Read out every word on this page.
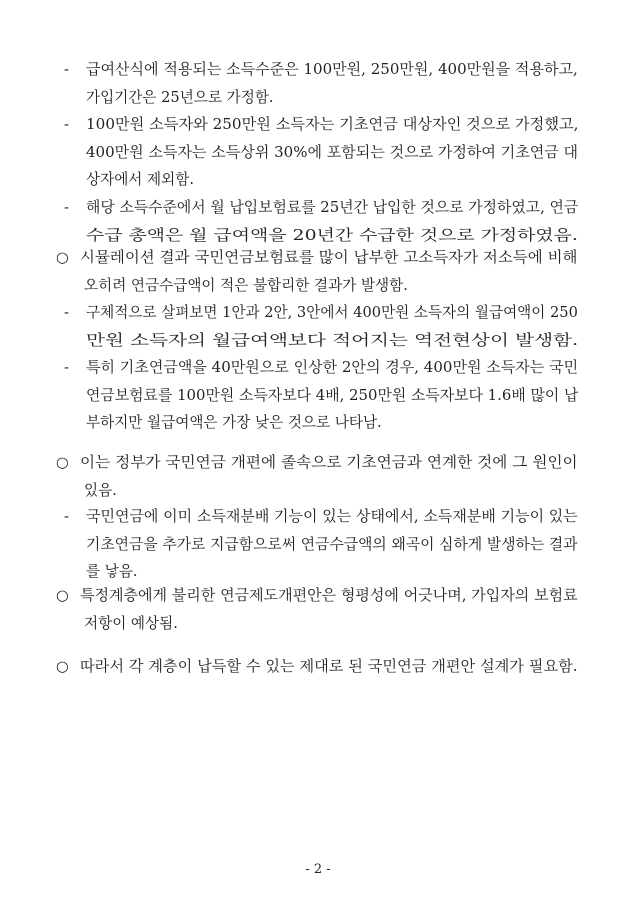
- 급여산식에 적용되는 소득수준은 100만원, 250만원, 400만원을 적용하고,
가입기간은 25년으로 가정함.
- 100만원 소득자와 250만원 소득자는 기초연금 대상자인 것으로 가정했고,
400만원 소득자는 소득상위 30%에 포함되는 것으로 가정하여 기초연금 대
상자에서 제외함.
- 해당 소득수준에서 월 납입보험료를 25년간 납입한 것으로 가정하였고, 연금
수급 총액은 월 급여액을 20년간 수급한 것으로 가정하였음.
○ 시뮬레이션 결과 국민연금보험료를 많이 납부한 고소득자가 저소득에 비해
오히려 연금수급액이 적은 불합리한 결과가 발생함.
- 구체적으로 살펴보면 1안과 2안, 3안에서 400만원 소득자의 월급여액이 250
만원 소득자의 월급여액보다 적어지는 역전현상이 발생함.
- 특히 기초연금액을 40만원으로 인상한 2안의 경우, 400만원 소득자는 국민
연금보험료를 100만원 소득자보다 4배, 250만원 소득자보다 1.6배 많이 납
부하지만 월급여액은 가장 낮은 것으로 나타남.
○ 이는 정부가 국민연금 개편에 졸속으로 기초연금과 연계한 것에 그 원인이
있음.
- 국민연금에 이미 소득재분배 기능이 있는 상태에서, 소득재분배 기능이 있는
기초연금을 추가로 지급함으로써 연금수급액의 왜곡이 심하게 발생하는 결과
를 낳음.
○ 특정계층에게 불리한 연금제도개편안은 형평성에 어긋나며, 가입자의 보험료
저항이 예상됨.
○ 따라서 각 계층이 납득할 수 있는 제대로 된 국민연금 개편안 설계가 필요함.
- 2 -
